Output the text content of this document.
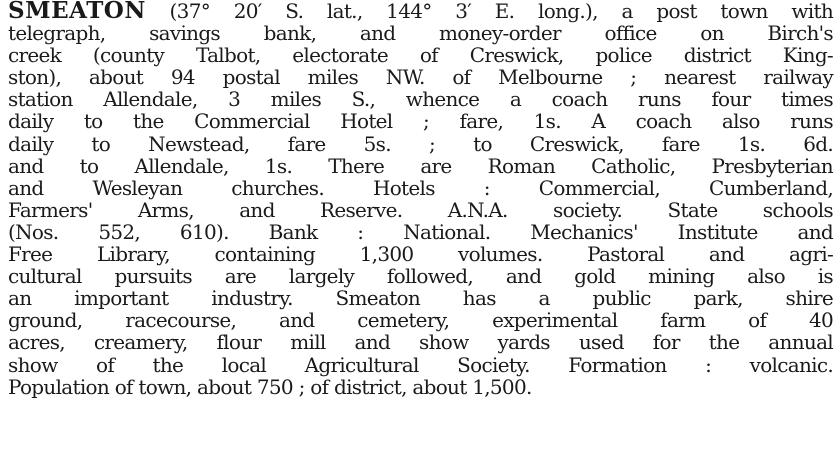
SMEATON (37° 20′ S. lat., 144° 3′ E. long.), a post town with
telegraph, savings bank, and money-order office on Birch's
creek (county Talbot, electorate of Creswick, police district King-
ston), about 94 postal miles NW. of Melbourne ; nearest railway
station Allendale, 3 miles S., whence a coach runs four times
daily to the Commercial Hotel ; fare, 1s. A coach also runs
daily to Newstead, fare 5s. ; to Creswick, fare 1s. 6d.
and to Allendale, 1s. There are Roman Catholic, Presbyterian
and Wesleyan churches. Hotels : Commercial, Cumberland,
Farmers' Arms, and Reserve. A.N.A. society. State schools
(Nos. 552, 610). Bank : National. Mechanics' Institute and
Free Library, containing 1,300 volumes. Pastoral and agri-
cultural pursuits are largely followed, and gold mining also is
an important industry. Smeaton has a public park, shire
ground, racecourse, and cemetery, experimental farm of 40
acres, creamery, flour mill and show yards used for the annual
show of the local Agricultural Society. Formation : volcanic.
Population of town, about 750 ; of district, about 1,500.
